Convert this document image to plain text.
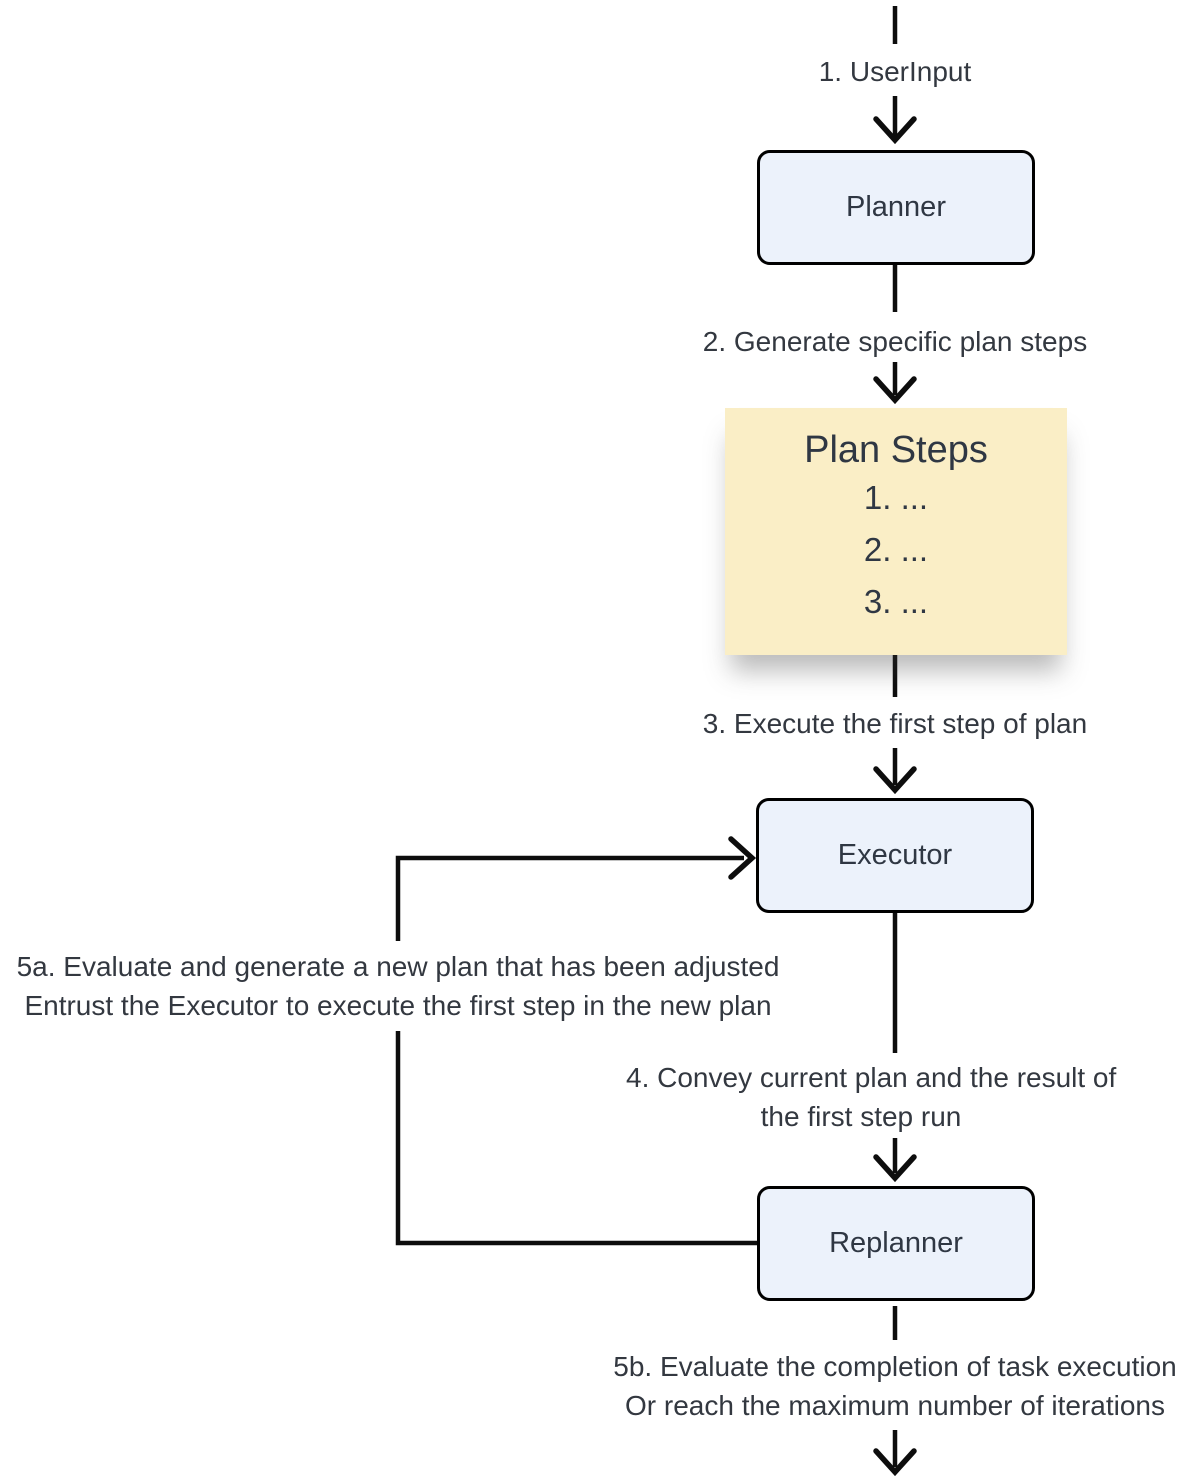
Planner
Plan Steps
1. ...
2. ...
3. ...
Executor
Replanner
1. UserInput
2. Generate specific plan steps
3. Execute the first step of plan
4. Convey current plan and the result of
the first step run
5a. Evaluate and generate a new plan that has been adjusted
Entrust the Executor to execute the first step in the new plan
5b. Evaluate the completion of task execution
Or reach the maximum number of iterations
